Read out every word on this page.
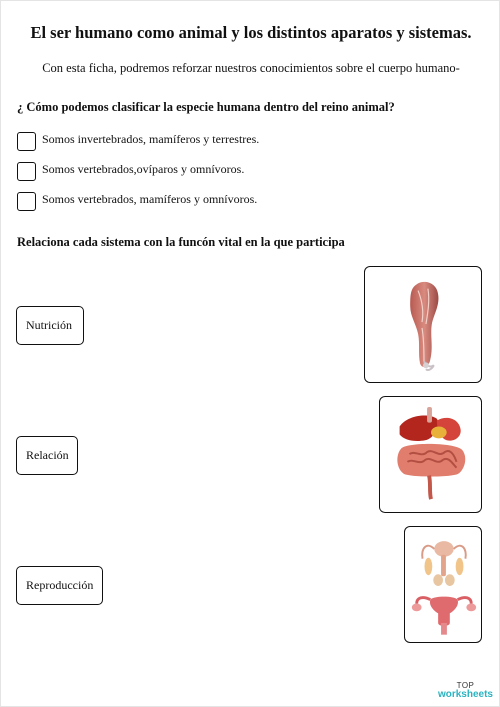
El ser humano como animal y los distintos aparatos y sistemas.

Con esta ficha, podremos reforzar nuestros conocimientos sobre el cuerpo humano-

¿ Cómo podemos clasificar la especie humana dentro del reino animal?

Somos invertebrados, mamíferos y terrestres.
Somos vertebrados,ovíparos y omnívoros.
Somos vertebrados, mamíferos y omnívoros.

Relaciona cada sistema con la funcón vital en la que participa

Nutrición
Relación
Reproducción
TOP
worksheets
